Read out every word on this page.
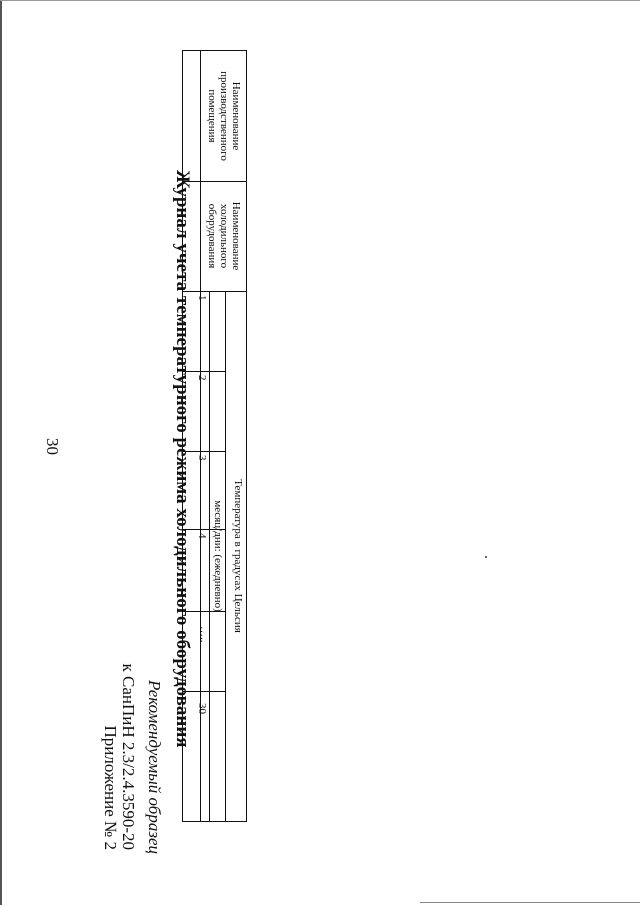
30
Приложение № 2 к СанПиН 2.3/2.4.3590-20 Рекомендуемый образец
Журнал учета температурного режима холодильного оборудования
Наименование производственного помещения
Наименование холодильного оборудования
Температура в градусах Цельсия
месяц/дни: (ежедневно)
1
2
3
4
…..
30
